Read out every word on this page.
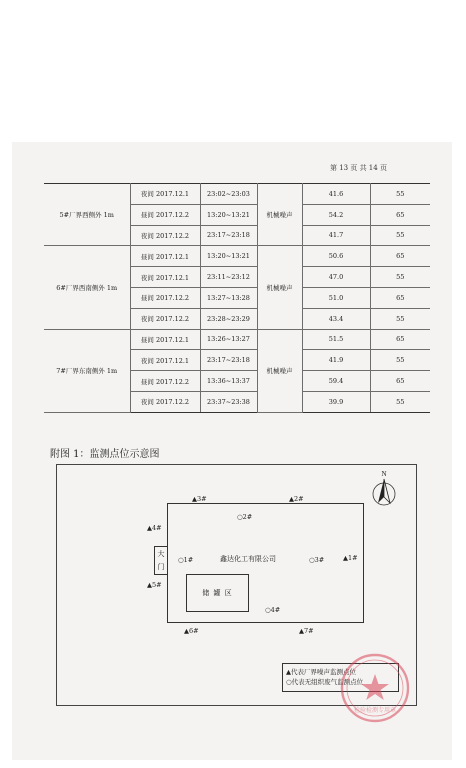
第 13 页 共 14 页
5#厂界西侧外 1m	夜间 2017.12.1	23:02~23:03	机械噪声	41.6	55
	昼间 2017.12.2	13:20~13:21		54.2	65
	夜间 2017.12.2	23:17~23:18		41.7	55
6#厂界西南侧外 1m	昼间 2017.12.1	13:20~13:21	机械噪声	50.6	65
	夜间 2017.12.1	23:11~23:12		47.0	55
	昼间 2017.12.2	13:27~13:28		51.0	65
	夜间 2017.12.2	23:28~23:29		43.4	55
7#厂界东南侧外 1m	昼间 2017.12.1	13:26~13:27	机械噪声	51.5	65
	夜间 2017.12.1	23:17~23:18		41.9	55
	昼间 2017.12.2	13:36~13:37		59.4	65
	夜间 2017.12.2	23:37~23:38		39.9	55
附图 1：监测点位示意图
N
鑫达化工有限公司
储 罐 区
大门
▲1#
▲2#
▲3#
▲4#
▲5#
▲6#	▲7#
○1#
○2#
○3#
○4#
▲代表厂界噪声监测点位
○代表无组织废气监测点位
检验检测专用章
